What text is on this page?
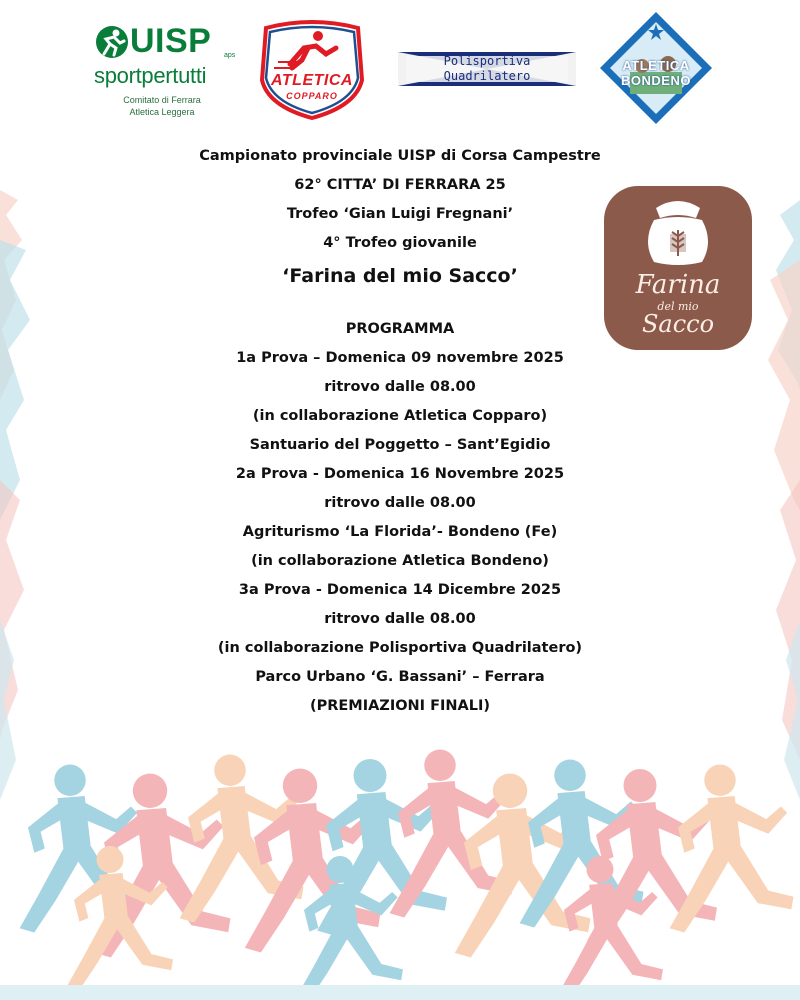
UISP aps
sportpertutti
Comitato di Ferrara
Atletica Leggera
ATLETICA
COPPARO
Polisportiva
Quadrilatero
ATLETICA BONDENO
Farina
del mio
Sacco
Campionato provinciale UISP di Corsa Campestre
62° CITTA’ DI FERRARA 25
Trofeo ‘Gian Luigi Fregnani’
4° Trofeo giovanile
‘Farina del mio Sacco’
PROGRAMMA
1a Prova – Domenica 09 novembre 2025
ritrovo dalle 08.00
(in collaborazione Atletica Copparo)
Santuario del Poggetto – Sant’Egidio
2a Prova - Domenica 16 Novembre 2025
ritrovo dalle 08.00
Agriturismo ‘La Florida’- Bondeno (Fe)
(in collaborazione Atletica Bondeno)
3a Prova - Domenica 14 Dicembre 2025
ritrovo dalle 08.00
(in collaborazione Polisportiva Quadrilatero)
Parco Urbano ‘G. Bassani’ – Ferrara
(PREMIAZIONI FINALI)
